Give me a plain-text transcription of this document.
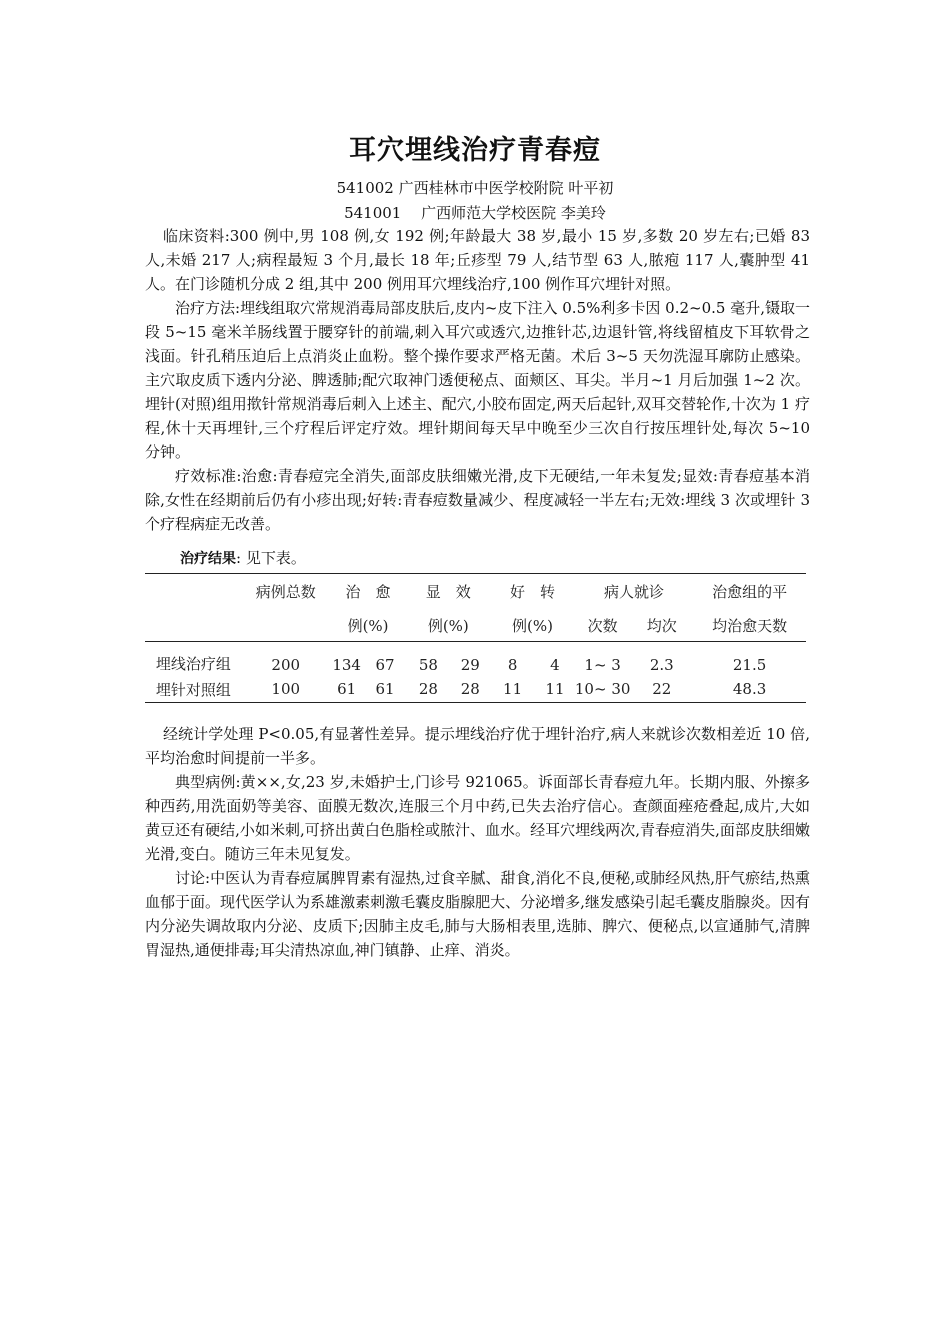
耳穴埋线治疗青春痘

541002 广西桂林市中医学校附院 叶平初

541001　 广西师范大学校医院 李美玲

临床资料:300 例中,男 108 例,女 192 例;年龄最大 38 岁,最小 15 岁,多数 20 岁左右;已婚 83 人,未婚 217 人;病程最短 3 个月,最长 18 年;丘疹型 79 人,结节型 63 人,脓疱 117 人,囊肿型 41 人。在门诊随机分成 2 组,其中 200 例用耳穴埋线治疗,100 例作耳穴埋针对照。

治疗方法:埋线组取穴常规消毒局部皮肤后,皮内~皮下注入 0.5%利多卡因 0.2~0.5 毫升,镊取一段 5~15 毫米羊肠线置于腰穿针的前端,刺入耳穴或透穴,边推针芯,边退针管,将线留植皮下耳软骨之浅面。针孔稍压迫后上点消炎止血粉。整个操作要求严格无菌。术后 3~5 天勿洗湿耳廓防止感染。主穴取皮质下透内分泌、脾透肺;配穴取神门透便秘点、面颊区、耳尖。半月~1 月后加强 1~2 次。埋针(对照)组用揿针常规消毒后刺入上述主、配穴,小胶布固定,两天后起针,双耳交替轮作,十次为 1 疗程,休十天再埋针,三个疗程后评定疗效。埋针期间每天早中晚至少三次自行按压埋针处,每次 5~10 分钟。

疗效标准:治愈:青春痘完全消失,面部皮肤细嫩光滑,皮下无硬结,一年未复发;显效:青春痘基本消除,女性在经期前后仍有小疹出现;好转:青春痘数量减少、程度减轻一半左右;无效:埋线 3 次或埋针 3 个疗程病症无改善。

治疗结果: 见下表。
	病例总数	治　愈		显　效		好　转		病人就诊		治愈组的平
		例(%)		例(%)		例(%)		次数	均次	均治愈天数
埋线治疗组	200	134	67	58	29	8	4	1~ 3	2.3	21.5
埋针对照组	100	61	61	28	28	11	11	10~ 30	22	48.3

经统计学处理 P<0.05,有显著性差异。提示埋线治疗优于埋针治疗,病人来就诊次数相差近 10 倍,平均治愈时间提前一半多。

典型病例:黄××,女,23 岁,未婚护士,门诊号 921065。诉面部长青春痘九年。长期内服、外擦多种西药,用洗面奶等美容、面膜无数次,连服三个月中药,已失去治疗信心。查颜面痤疮叠起,成片,大如黄豆还有硬结,小如米刺,可挤出黄白色脂栓或脓汁、血水。经耳穴埋线两次,青春痘消失,面部皮肤细嫩光滑,变白。随访三年未见复发。

讨论:中医认为青春痘属脾胃素有湿热,过食辛腻、甜食,消化不良,便秘,或肺经风热,肝气瘀结,热熏血郁于面。现代医学认为系雄激素刺激毛囊皮脂腺肥大、分泌增多,继发感染引起毛囊皮脂腺炎。因有内分泌失调故取内分泌、皮质下;因肺主皮毛,肺与大肠相表里,选肺、脾穴、便秘点,以宣通肺气,清脾胃湿热,通便排毒;耳尖清热凉血,神门镇静、止痒、消炎。
